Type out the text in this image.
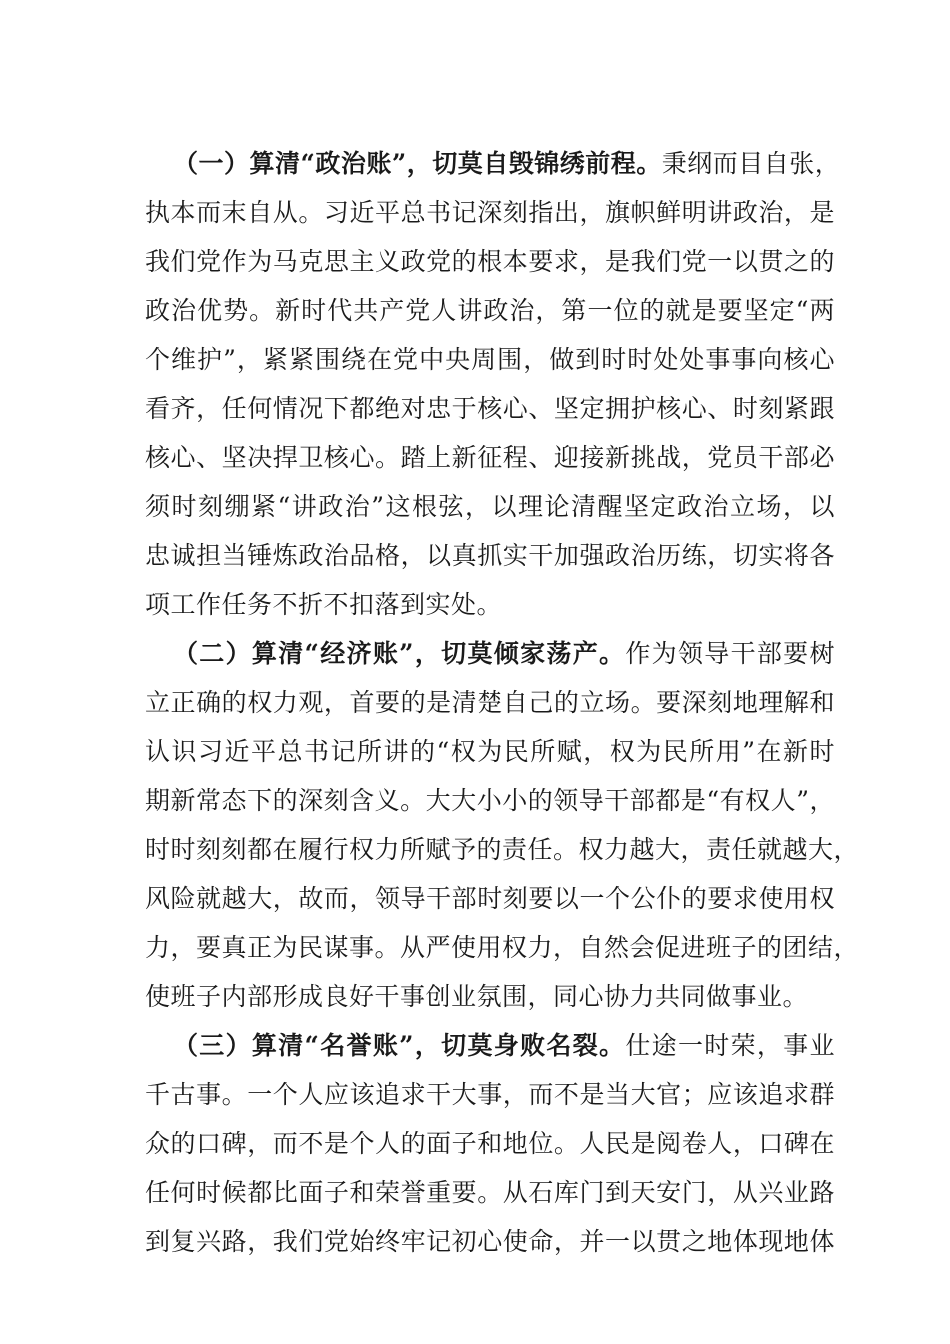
（一）算清“政治账”，切莫自毁锦绣前程。秉纲而目自张，
执本而末自从。习近平总书记深刻指出，旗帜鲜明讲政治，是
我们党作为马克思主义政党的根本要求，是我们党一以贯之的
政治优势。新时代共产党人讲政治，第一位的就是要坚定“两
个维护”，紧紧围绕在党中央周围，做到时时处处事事向核心
看齐，任何情况下都绝对忠于核心、坚定拥护核心、时刻紧跟
核心、坚决捍卫核心。踏上新征程、迎接新挑战，党员干部必
须时刻绷紧“讲政治”这根弦，以理论清醒坚定政治立场，以
忠诚担当锤炼政治品格，以真抓实干加强政治历练，切实将各
项工作任务不折不扣落到实处。
（二）算清“经济账”，切莫倾家荡产。作为领导干部要树
立正确的权力观，首要的是清楚自己的立场。要深刻地理解和
认识习近平总书记所讲的“权为民所赋，权为民所用”在新时
期新常态下的深刻含义。大大小小的领导干部都是“有权人”，
时时刻刻都在履行权力所赋予的责任。权力越大，责任就越大，
风险就越大，故而，领导干部时刻要以一个公仆的要求使用权
力，要真正为民谋事。从严使用权力，自然会促进班子的团结，
使班子内部形成良好干事创业氛围，同心协力共同做事业。
（三）算清“名誉账”，切莫身败名裂。仕途一时荣，事业
千古事。一个人应该追求干大事，而不是当大官；应该追求群
众的口碑，而不是个人的面子和地位。人民是阅卷人，口碑在
任何时候都比面子和荣誉重要。从石库门到天安门，从兴业路
到复兴路，我们党始终牢记初心使命，并一以贯之地体现地体
